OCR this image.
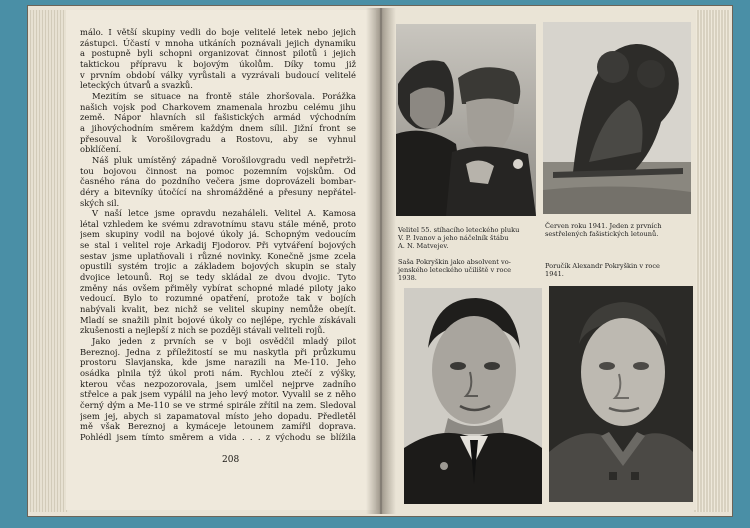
málo. I větší skupiny vedli do boje velitelé letek nebo jejich
zástupci. Účastí v mnoha utkáních poznávali jejich dynamiku
a postupně byli schopni organizovat činnost pilotů i jejich
taktickou přípravu k bojovým úkolům. Díky tomu již
v prvním období války vyrůstali a vyzrávali budoucí velitelé
leteckých útvarů a svazků.
Mezitím se situace na frontě stále zhoršovala. Porážka
našich vojsk pod Charkovem znamenala hrozbu celému jihu
země. Nápor hlavních sil fašistických armád východním
a jihovýchodním směrem každým dnem sílil. Jižní front se
přesouval k Vorošilovgradu a Rostovu, aby se vyhnul
obklíčení.
Náš pluk umístěný západně Vorošilovgradu vedl nepřetrži-
tou bojovou činnost na pomoc pozemním vojskům. Od
časného rána do pozdního večera jsme doprovázeli bombar-
déry a bitevníky útočící na shromážděné a přesuny nepřátel-
ských sil.
V naší letce jsme opravdu nezaháleli. Velitel A. Kamosa
létal vzhledem ke svému zdravotnímu stavu stále méně, proto
jsem skupiny vodil na bojové úkoly já. Schopným vedoucím
se stal i velitel roje Arkadij Fjodorov. Při vytváření bojových
sestav jsme uplatňovali i různé novinky. Konečně jsme zcela
opustili systém trojic a základem bojových skupin se staly
dvojice letounů. Roj se tedy skládal ze dvou dvojic. Tyto
změny nás ovšem přiměly vybírat schopné mladé piloty jako
vedoucí. Bylo to rozumné opatření, protože tak v bojích
nabývali kvalit, bez nichž se velitel skupiny nemůže obejít.
Mladí se snažili plnit bojové úkoly co nejlépe, rychle získávali
zkušenosti a nejlepší z nich se později stávali veliteli rojů.
Jako jeden z prvních se v boji osvědčil mladý pilot
Bereznoj. Jedna z příležitostí se mu naskytla při průzkumu
prostoru Slavjanska, kde jsme narazili na Me-110. Jeho
osádka plnila týž úkol proti nám. Rychlou ztečí z výšky,
kterou včas nezpozorovala, jsem umlčel nejprve zadního
střelce a pak jsem vypálil na jeho levý motor. Vyvalil se z něho
černý dým a Me-110 se ve strmé spirále zřítil na zem. Sledoval
jsem jej, abych si zapamatoval místo jeho dopadu. Předletěl
mě však Bereznoj a kymáceje letounem zamířil doprava.
Pohlédl jsem tímto směrem a vida . . . z východu se blížila
208
Velitel 55. stíhacího leteckého pluku
V. P. Ivanov a jeho náčelník štábu
A. N. Matvejev.
Červen roku 1941. Jeden z prvních
sestřelených fašistických letounů.
Saša Pokryškin jako absolvent vo-
jenského leteckého učiliště v roce
1938.
Poručík Alexandr Pokryškin v roce
1941.
